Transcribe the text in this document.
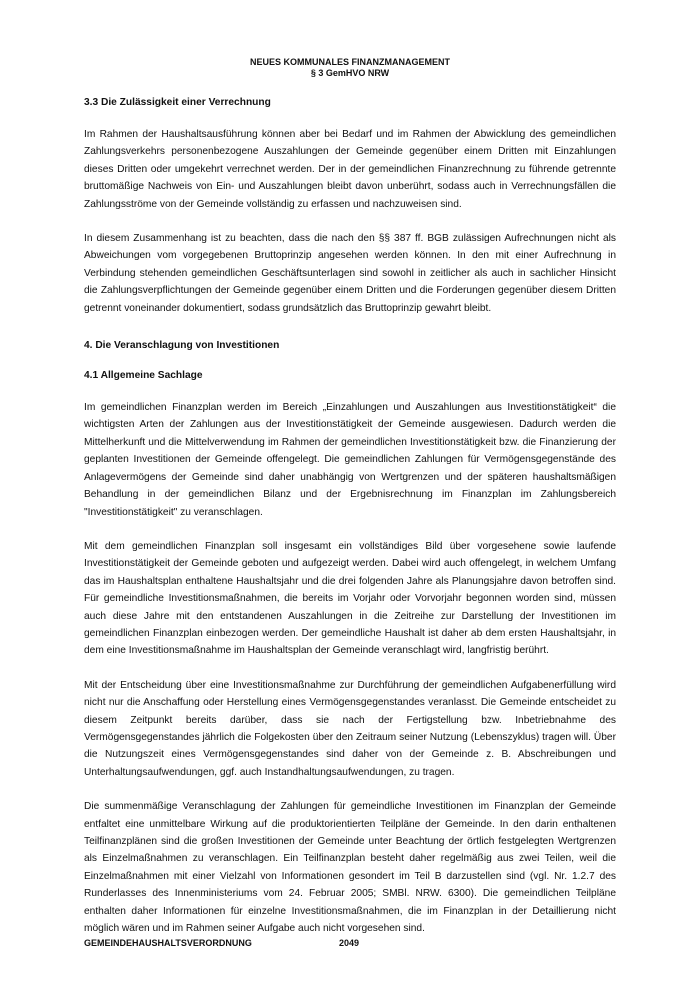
NEUES KOMMUNALES FINANZMANAGEMENT
§ 3 GemHVO NRW
3.3 Die Zulässigkeit einer Verrechnung

Im Rahmen der Haushaltsausführung können aber bei Bedarf und im Rahmen der Abwicklung des gemeindlichen Zahlungsverkehrs personenbezogene Auszahlungen der Gemeinde gegenüber einem Dritten mit Einzahlungen dieses Dritten oder umgekehrt verrechnet werden. Der in der gemeindlichen Finanzrechnung zu führende getrennte bruttomäßige Nachweis von Ein- und Auszahlungen bleibt davon unberührt, sodass auch in Verrechnungsfällen die Zahlungsströme von der Gemeinde vollständig zu erfassen und nachzuweisen sind.

In diesem Zusammenhang ist zu beachten, dass die nach den §§ 387 ff. BGB zulässigen Aufrechnungen nicht als Abweichungen vom vorgegebenen Bruttoprinzip angesehen werden können. In den mit einer Aufrechnung in Verbindung stehenden gemeindlichen Geschäftsunterlagen sind sowohl in zeitlicher als auch in sachlicher Hinsicht die Zahlungsverpflichtungen der Gemeinde gegenüber einem Dritten und die Forderungen gegenüber diesem Dritten getrennt voneinander dokumentiert, sodass grundsätzlich das Bruttoprinzip gewahrt bleibt.

4. Die Veranschlagung von Investitionen
4.1 Allgemeine Sachlage

Im gemeindlichen Finanzplan werden im Bereich „Einzahlungen und Auszahlungen aus Investitionstätigkeit“ die wichtigsten Arten der Zahlungen aus der Investitionstätigkeit der Gemeinde ausgewiesen. Dadurch werden die Mittelherkunft und die Mittelverwendung im Rahmen der gemeindlichen Investitionstätigkeit bzw. die Finanzierung der geplanten Investitionen der Gemeinde offengelegt. Die gemeindlichen Zahlungen für Vermögensgegenstände des Anlagevermögens der Gemeinde sind daher unabhängig von Wertgrenzen und der späteren haushaltsmäßigen Behandlung in der gemeindlichen Bilanz und der Ergebnisrechnung im Finanzplan im Zahlungsbereich "Investitionstätigkeit" zu veranschlagen.

Mit dem gemeindlichen Finanzplan soll insgesamt ein vollständiges Bild über vorgesehene sowie laufende Investitionstätigkeit der Gemeinde geboten und aufgezeigt werden. Dabei wird auch offengelegt, in welchem Umfang das im Haushaltsplan enthaltene Haushaltsjahr und die drei folgenden Jahre als Planungsjahre davon betroffen sind. Für gemeindliche Investitionsmaßnahmen, die bereits im Vorjahr oder Vorvorjahr begonnen worden sind, müssen auch diese Jahre mit den entstandenen Auszahlungen in die Zeitreihe zur Darstellung der Investitionen im gemeindlichen Finanzplan einbezogen werden. Der gemeindliche Haushalt ist daher ab dem ersten Haushaltsjahr, in dem eine Investitionsmaßnahme im Haushaltsplan der Gemeinde veranschlagt wird, langfristig berührt.

Mit der Entscheidung über eine Investitionsmaßnahme zur Durchführung der gemeindlichen Aufgabenerfüllung wird nicht nur die Anschaffung oder Herstellung eines Vermögensgegenstandes veranlasst. Die Gemeinde entscheidet zu diesem Zeitpunkt bereits darüber, dass sie nach der Fertigstellung bzw. Inbetriebnahme des Vermögensgegenstandes jährlich die Folgekosten über den Zeitraum seiner Nutzung (Lebenszyklus) tragen will. Über die Nutzungszeit eines Vermögensgegenstandes sind daher von der Gemeinde z. B. Abschreibungen und Unterhaltungsaufwendungen, ggf. auch Instandhaltungsaufwendungen, zu tragen.

Die summenmäßige Veranschlagung der Zahlungen für gemeindliche Investitionen im Finanzplan der Gemeinde entfaltet eine unmittelbare Wirkung auf die produktorientierten Teilpläne der Gemeinde. In den darin enthaltenen Teilfinanzplänen sind die großen Investitionen der Gemeinde unter Beachtung der örtlich festgelegten Wertgrenzen als Einzelmaßnahmen zu veranschlagen. Ein Teilfinanzplan besteht daher regelmäßig aus zwei Teilen, weil die Einzelmaßnahmen mit einer Vielzahl von Informationen gesondert im Teil B darzustellen sind (vgl. Nr. 1.2.7 des Runderlasses des Innenministeriums vom 24. Februar 2005; SMBl. NRW. 6300). Die gemeindlichen Teilpläne enthalten daher Informationen für einzelne Investitionsmaßnahmen, die im Finanzplan in der Detaillierung nicht möglich wären und im Rahmen seiner Aufgabe auch nicht vorgesehen sind.

GEMEINDEHAUSHALTSVERORDNUNG	2049
